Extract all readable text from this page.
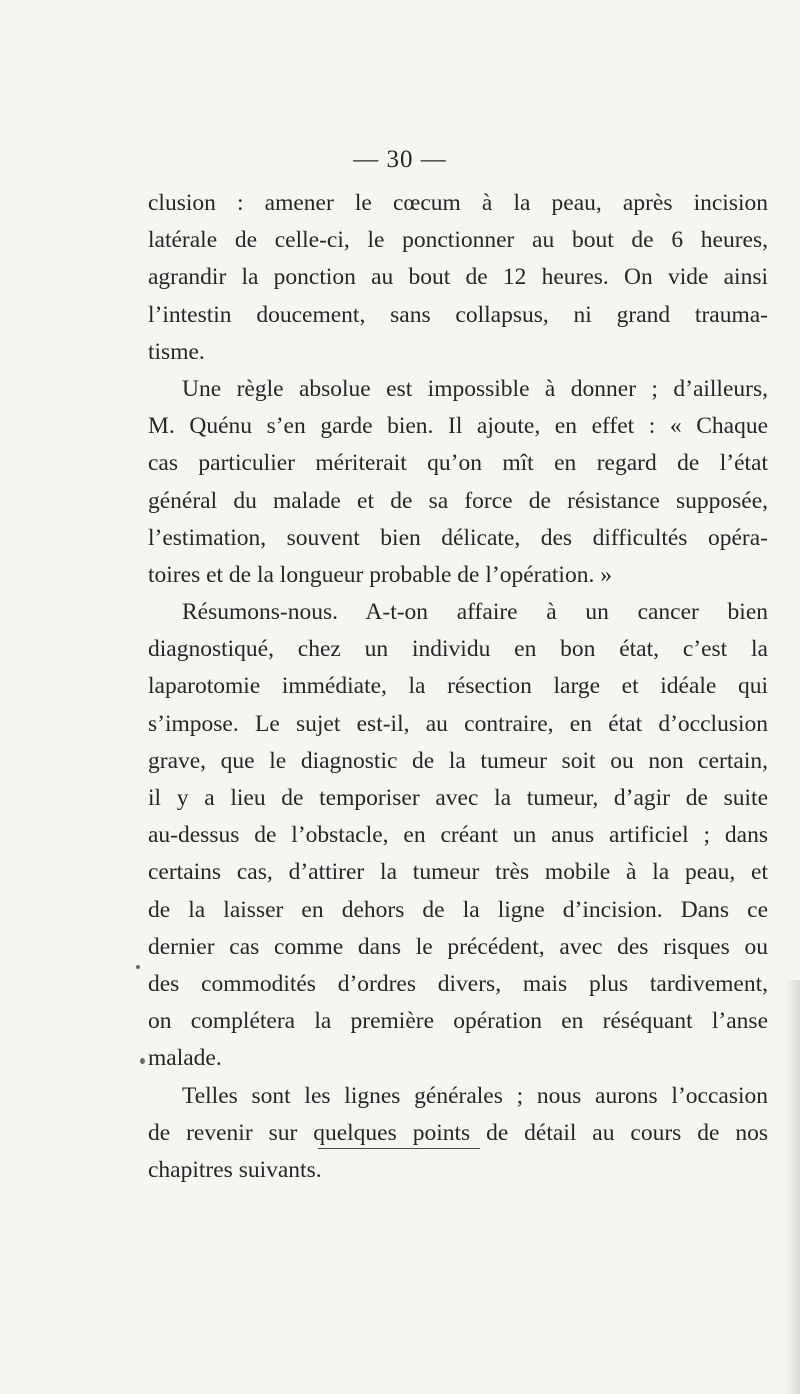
— 30 —
clusion : amener le cœcum à la peau, après incision
latérale de celle-ci, le ponctionner au bout de 6 heures,
agrandir la ponction au bout de 12 heures. On vide ainsi
l’intestin doucement, sans collapsus, ni grand trauma-
tisme.
Une règle absolue est impossible à donner ; d’ailleurs,
M. Quénu s’en garde bien. Il ajoute, en effet : « Chaque
cas particulier mériterait qu’on mît en regard de l’état
général du malade et de sa force de résistance supposée,
l’estimation, souvent bien délicate, des difficultés opéra-
toires et de la longueur probable de l’opération. »
Résumons-nous. A-t-on affaire à un cancer bien
diagnostiqué, chez un individu en bon état, c’est la
laparotomie immédiate, la résection large et idéale qui
s’impose. Le sujet est-il, au contraire, en état d’occlusion
grave, que le diagnostic de la tumeur soit ou non certain,
il y a lieu de temporiser avec la tumeur, d’agir de suite
au-dessus de l’obstacle, en créant un anus artificiel ; dans
certains cas, d’attirer la tumeur très mobile à la peau, et
de la laisser en dehors de la ligne d’incision. Dans ce
dernier cas comme dans le précédent, avec des risques ou
des commodités d’ordres divers, mais plus tardivement,
on complétera la première opération en réséquant l’anse
malade.
Telles sont les lignes générales ; nous aurons l’occasion
de revenir sur quelques points de détail au cours de nos
chapitres suivants.
